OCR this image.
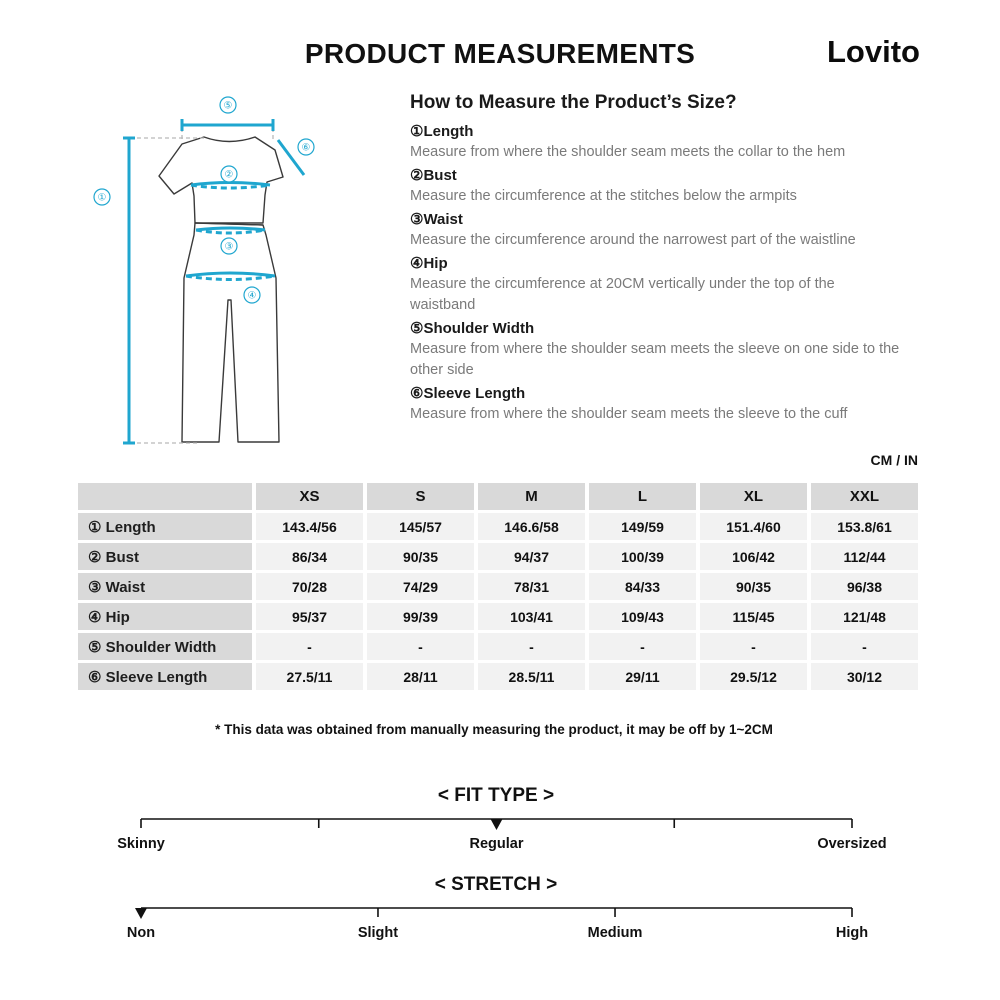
PRODUCT MEASUREMENTS	Lovito
①
②
③
④
⑤
⑥
How to Measure the Product’s Size?
①Length
Measure from where the shoulder seam meets the collar to the hem
②Bust
Measure the circumference at the stitches below the armpits
③Waist
Measure the circumference around the narrowest part of the waistline
④Hip
Measure the circumference at 20CM vertically under the top of the waistband
⑤Shoulder Width
Measure from where the shoulder seam meets the sleeve on one side to the other side
⑥Sleeve Length
Measure from where the shoulder seam meets the sleeve to the cuff
CM / IN
	XS	S	M	L	XL	XXL
① Length	143.4/56	145/57	146.6/58	149/59	151.4/60	153.8/61
② Bust	86/34	90/35	94/37	100/39	106/42	112/44
③ Waist	70/28	74/29	78/31	84/33	90/35	96/38
④ Hip	95/37	99/39	103/41	109/43	115/45	121/48
⑤ Shoulder Width	-	-	-	-	-	-
⑥ Sleeve Length	27.5/11	28/11	28.5/11	29/11	29.5/12	30/12
* This data was obtained from manually measuring the product, it may be off by 1~2CM
< FIT TYPE >
Skinny	Regular	Oversized
< STRETCH >
Non	Slight	Medium	High
